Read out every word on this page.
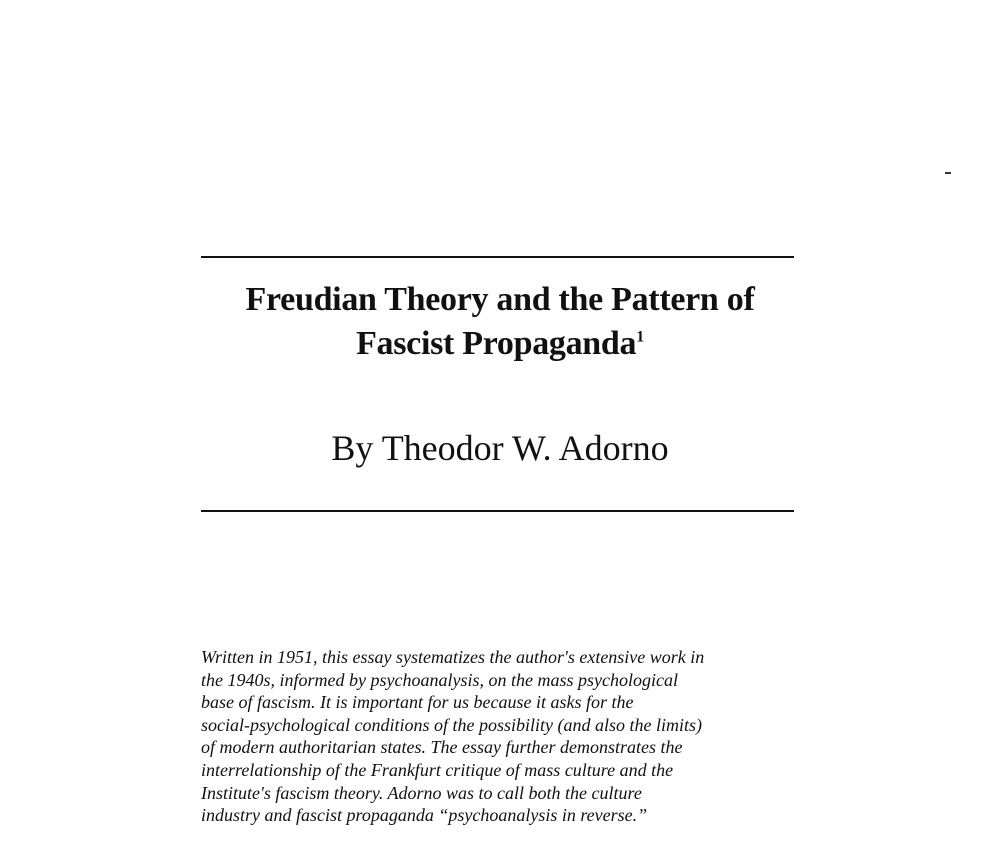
Freudian Theory and the Pattern of
Fascist Propaganda$^1$
By Theodor W. Adorno
Written in 1951, this essay systematizes the author's extensive work in
the 1940s, informed by psychoanalysis, on the mass psychological
base of fascism. It is important for us because it asks for the
social-psychological conditions of the possibility (and also the limits)
of modern authoritarian states. The essay further demonstrates the
interrelationship of the Frankfurt critique of mass culture and the
Institute's fascism theory. Adorno was to call both the culture
industry and fascist propaganda “psychoanalysis in reverse.”
